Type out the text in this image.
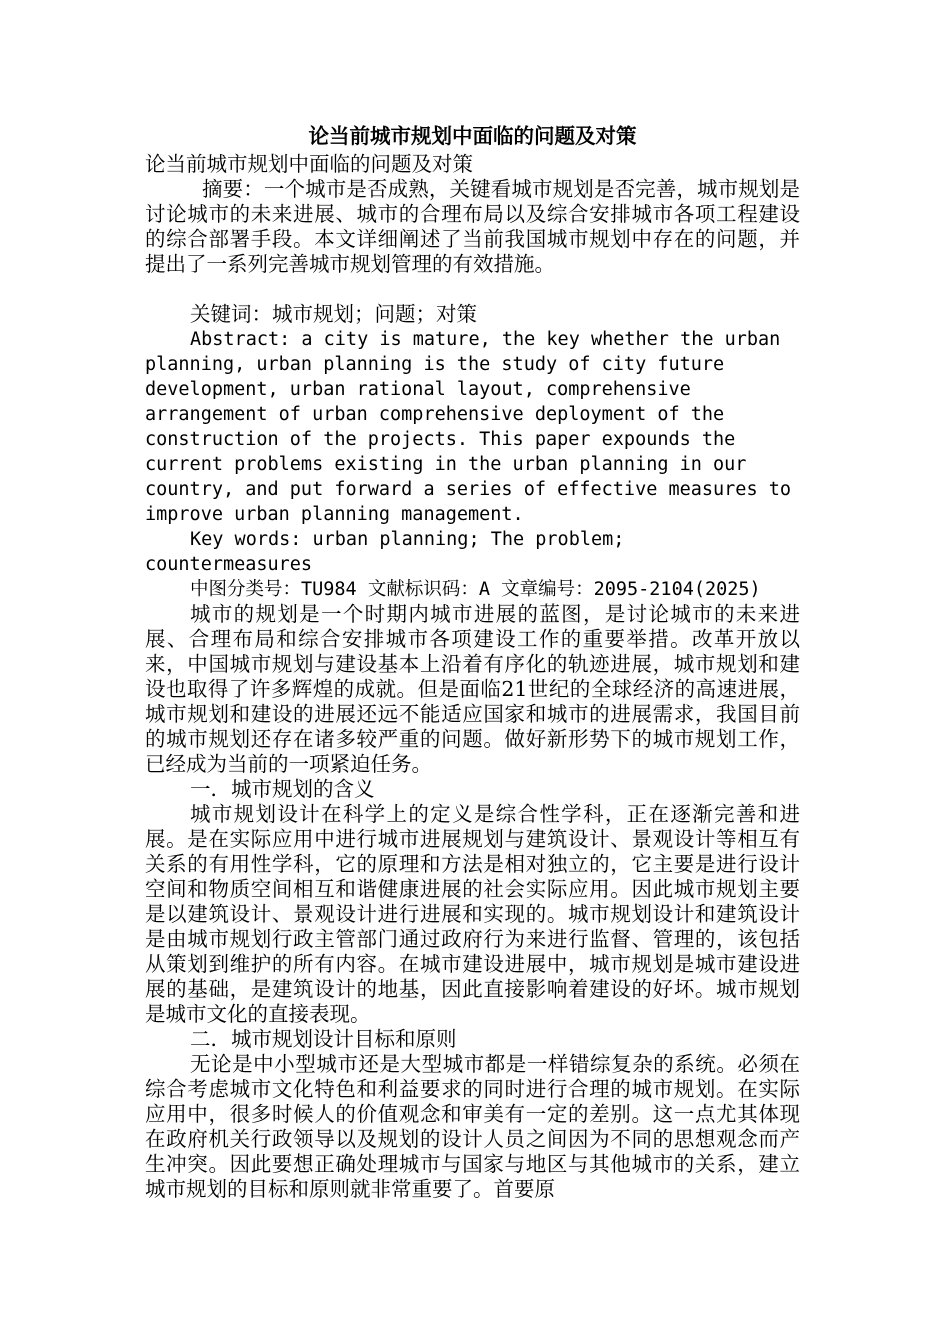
论当前城市规划中面临的问题及对策
论当前城市规划中面临的问题及对策
摘要：一个城市是否成熟，关键看城市规划是否完善，城市规划是讨论城市的未来进展、城市的合理布局以及综合安排城市各项工程建设的综合部署手段。本文详细阐述了当前我国城市规划中存在的问题，并提出了一系列完善城市规划管理的有效措施。
关键词：城市规划；问题；对策
Abstract: a city is mature, the key whether the urban planning, urban planning is the study of city future development, urban rational layout, comprehensive arrangement of urban comprehensive deployment of the construction of the projects. This paper expounds the current problems existing in the urban planning in our country, and put forward a series of effective measures to improve urban planning management.
Key words: urban planning; The problem; countermeasures
中图分类号：TU984 文献标识码：A 文章编号：2095-2104(2025)
城市的规划是一个时期内城市进展的蓝图，是讨论城市的未来进展、合理布局和综合安排城市各项建设工作的重要举措。改革开放以来，中国城市规划与建设基本上沿着有序化的轨迹进展，城市规划和建设也取得了许多辉煌的成就。但是面临21世纪的全球经济的高速进展，城市规划和建设的进展还远不能适应国家和城市的进展需求，我国目前的城市规划还存在诸多较严重的问题。做好新形势下的城市规划工作，已经成为当前的一项紧迫任务。
一．城市规划的含义
城市规划设计在科学上的定义是综合性学科，正在逐渐完善和进展。是在实际应用中进行城市进展规划与建筑设计、景观设计等相互有关系的有用性学科，它的原理和方法是相对独立的，它主要是进行设计空间和物质空间相互和谐健康进展的社会实际应用。因此城市规划主要是以建筑设计、景观设计进行进展和实现的。城市规划设计和建筑设计是由城市规划行政主管部门通过政府行为来进行监督、管理的，该包括从策划到维护的所有内容。在城市建设进展中，城市规划是城市建设进展的基础，是建筑设计的地基，因此直接影响着建设的好坏。城市规划是城市文化的直接表现。
二．城市规划设计目标和原则
无论是中小型城市还是大型城市都是一样错综复杂的系统。必须在综合考虑城市文化特色和利益要求的同时进行合理的城市规划。在实际应用中，很多时候人的价值观念和审美有一定的差别。这一点尤其体现在政府机关行政领导以及规划的设计人员之间因为不同的思想观念而产生冲突。因此要想正确处理城市与国家与地区与其他城市的关系，建立城市规划的目标和原则就非常重要了。首要原
